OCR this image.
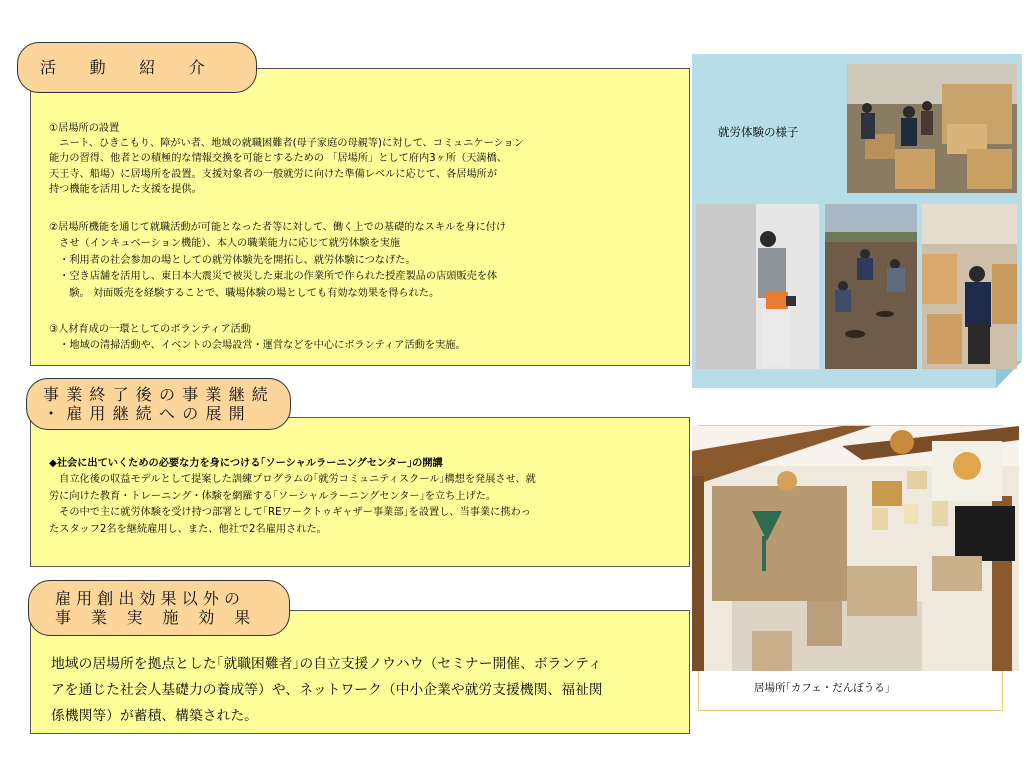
①居場所の設置
　ニート、ひきこもり、障がい者、地域の就職困難者(母子家庭の母親等)に対して、コミュニケーション
能力の習得、他者との積極的な情報交換を可能とするための 「居場所」として府内3ヶ所（天満橋、
天王寺、船場）に居場所を設置。支援対象者の一般就労に向けた準備レベルに応じて、各居場所が
持つ機能を活用した支援を提供。
②居場所機能を通じて就職活動が可能となった者等に対して、働く上での基礎的なスキルを身に付け
　させ（インキュベーション機能）、本人の職業能力に応じて就労体験を実施
　・利用者の社会参加の場としての就労体験先を開拓し、就労体験につなげた。
　・空き店舗を活用し、東日本大震災で被災した東北の作業所で作られた授産製品の店頭販売を体
　　験。 対面販売を経験することで、職場体験の場としても有効な効果を得られた。
③人材育成の一環としてのボランティア活動
　・地域の清掃活動や、イベントの会場設営・運営などを中心にボランティア活動を実施。
活　動　紹　介
◆社会に出ていくための必要な力を身につける｢ソーシャルラーニングセンター｣の開講
　自立化後の収益モデルとして提案した訓練プログラムの｢就労コミュニティスクール｣構想を発展させ、就
労に向けた教育・トレーニング・体験を網羅する｢ソーシャルラーニングセンター｣を立ち上げた。
　その中で主に就労体験を受け持つ部署として｢REワークトゥギャザー事業部｣を設置し、当事業に携わっ
たスタッフ2名を継続雇用し、また、他社で2名雇用された。
事業終了後の事業継続
・雇用継続への展開
地域の居場所を拠点とした｢就職困難者｣の自立支援ノウハウ（セミナー開催、ボランティ
アを通じた社会人基礎力の養成等）や、ネットワーク（中小企業や就労支援機関、福祉関
係機関等）が蓄積、構築された。
雇用創出効果以外の
事　業　実　施　効　果
就労体験の様子
居場所｢カフェ・だんぼうる｣
